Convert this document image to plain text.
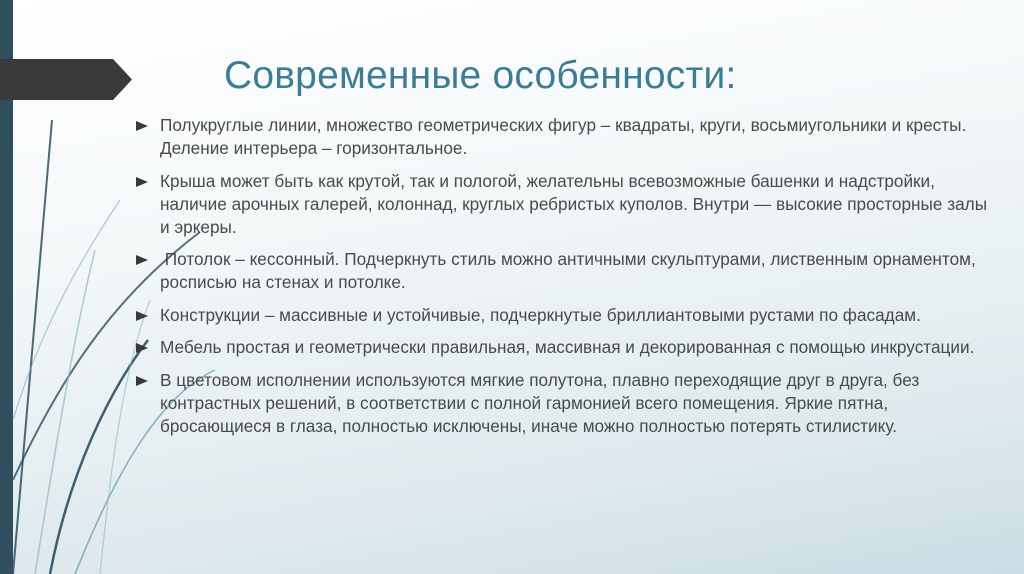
Современные особенности:
Полукруглые линии, множество геометрических фигур – квадраты, круги, восьмиугольники и кресты. Деление интерьера – горизонтальное.
Крыша может быть как крутой, так и пологой, желательны всевозможные башенки и надстройки, наличие арочных галерей, колоннад, круглых ребристых куполов. Внутри — высокие просторные залы и эркеры.
Потолок – кессонный. Подчеркнуть стиль можно античными скульптурами, лиственным орнаментом, росписью на стенах и потолке.
Конструкции – массивные и устойчивые, подчеркнутые бриллиантовыми рустами по фасадам.
Мебель простая и геометрически правильная, массивная и декорированная с помощью инкрустации.
В цветовом исполнении используются мягкие полутона, плавно переходящие друг в друга, без контрастных решений, в соответствии с полной гармонией всего помещения. Яркие пятна, бросающиеся в глаза, полностью исключены, иначе можно полностью потерять стилистику.
